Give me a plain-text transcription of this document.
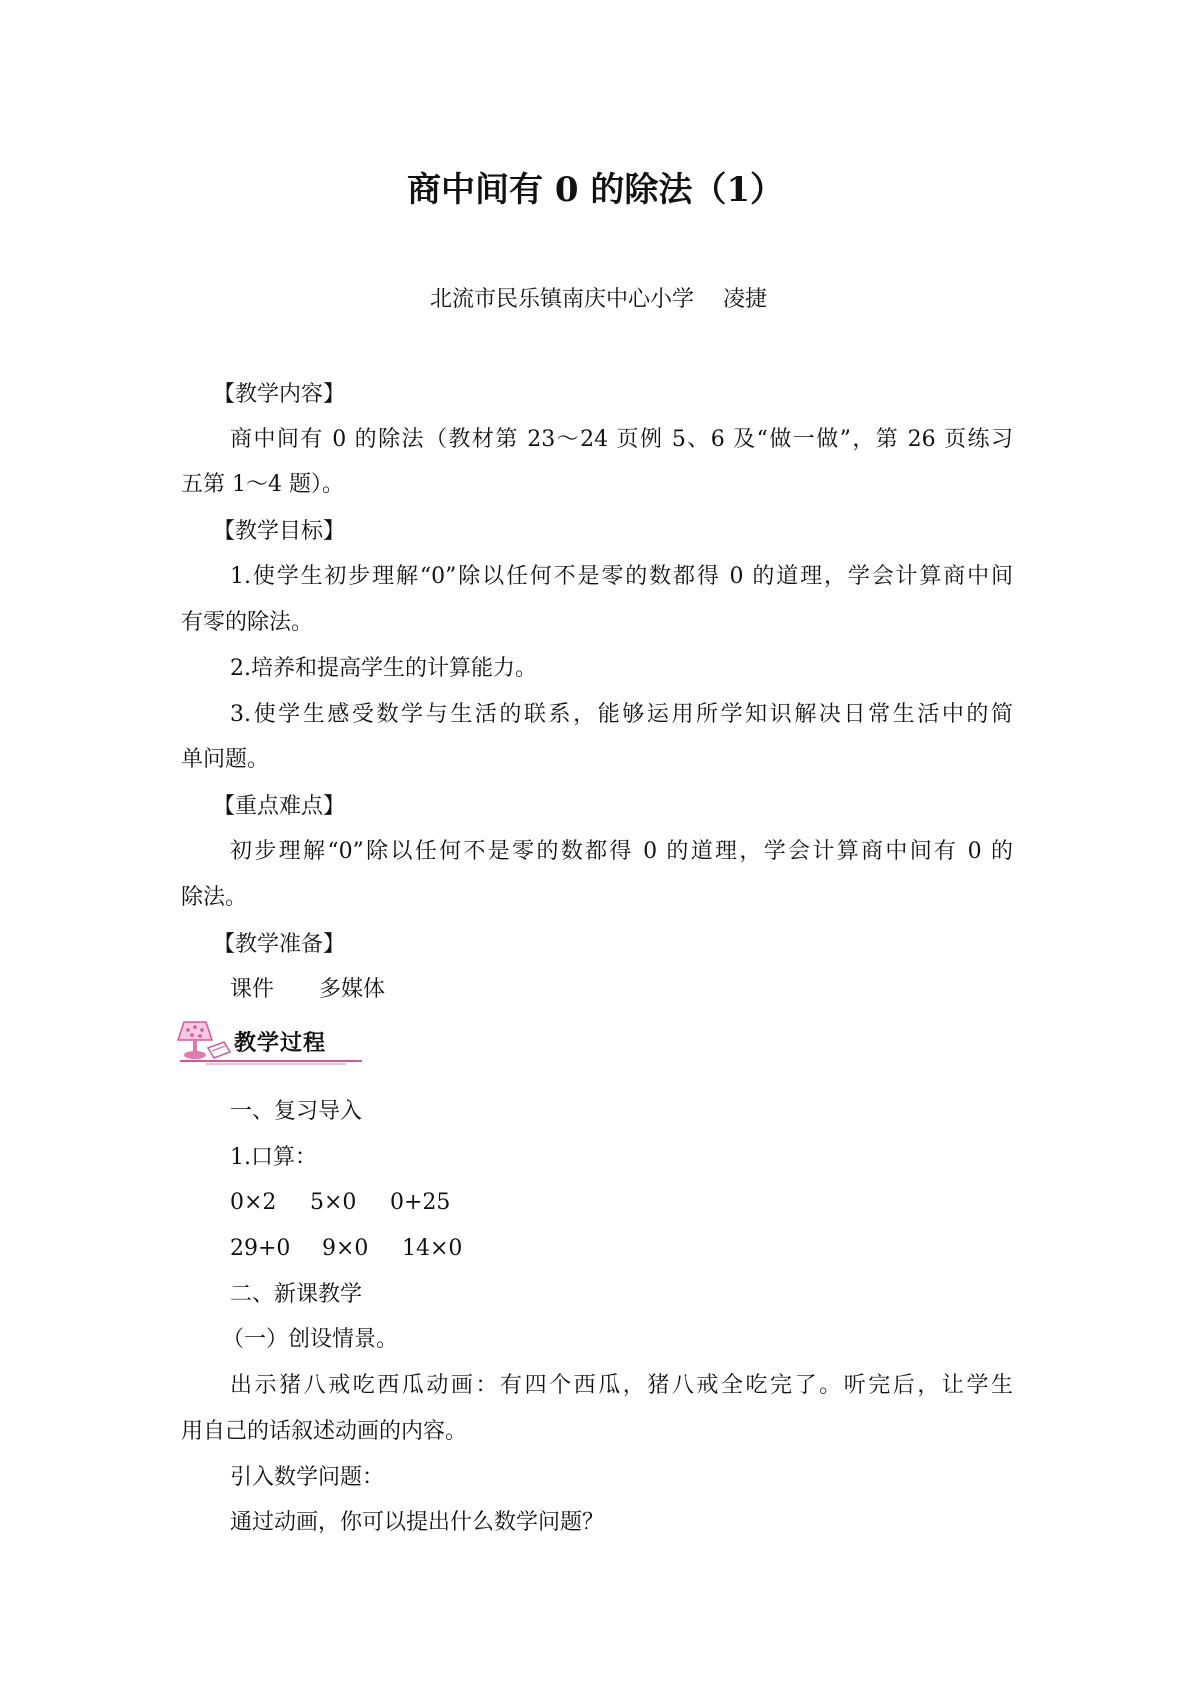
商中间有 0 的除法（1）
北流市民乐镇南庆中心小学 凌捷
【教学内容】
商中间有 0 的除法（教材第 23～24 页例 5、6 及“做一做”，第 26 页练习
五第 1～4 题）。
【教学目标】
1.使学生初步理解“0”除以任何不是零的数都得 0 的道理，学会计算商中间
有零的除法。
2.培养和提高学生的计算能力。
3.使学生感受数学与生活的联系，能够运用所学知识解决日常生活中的简
单问题。
【重点难点】
初步理解“0”除以任何不是零的数都得 0 的道理，学会计算商中间有 0 的
除法。
【教学准备】
课件 多媒体
教学过程
一、复习导入
1.口算：
0×2 5×0 0+25
29+0 9×0 14×0
二、新课教学
（一）创设情景。
出示猪八戒吃西瓜动画：有四个西瓜，猪八戒全吃完了。听完后，让学生
用自己的话叙述动画的内容。
引入数学问题：
通过动画，你可以提出什么数学问题？
